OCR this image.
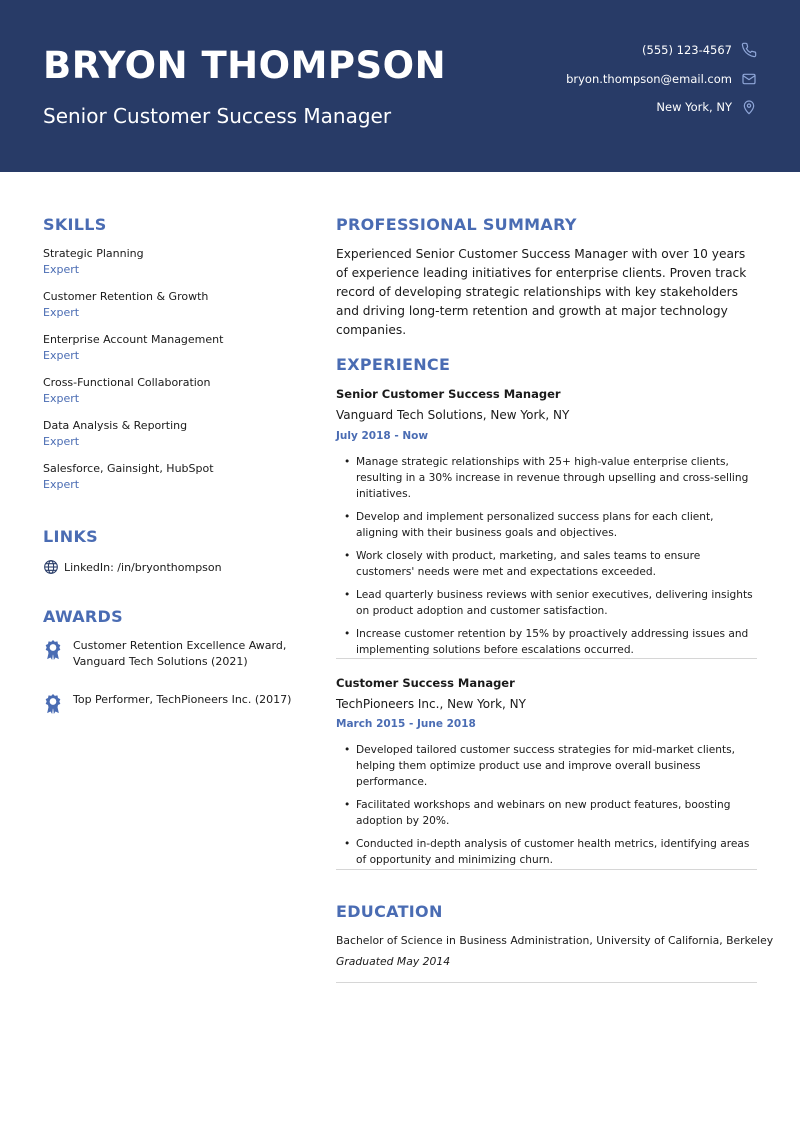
BRYON THOMPSON
Senior Customer Success Manager
(555) 123-4567
bryon.thompson@email.com
New York, NY
SKILLS
Strategic Planning
Expert
Customer Retention & Growth
Expert
Enterprise Account Management
Expert
Cross-Functional Collaboration
Expert
Data Analysis & Reporting
Expert
Salesforce, Gainsight, HubSpot
Expert
LINKS
LinkedIn: /in/bryonthompson
AWARDS
Customer Retention Excellence Award, Vanguard Tech Solutions (2021)
Top Performer, TechPioneers Inc. (2017)
PROFESSIONAL SUMMARY
Experienced Senior Customer Success Manager with over 10 years of experience leading initiatives for enterprise clients. Proven track record of developing strategic relationships with key stakeholders and driving long-term retention and growth at major technology companies.
EXPERIENCE
Senior Customer Success Manager
Vanguard Tech Solutions, New York, NY
July 2018 - Now
• Manage strategic relationships with 25+ high-value enterprise clients, resulting in a 30% increase in revenue through upselling and cross-selling initiatives.
• Develop and implement personalized success plans for each client, aligning with their business goals and objectives.
• Work closely with product, marketing, and sales teams to ensure customers' needs were met and expectations exceeded.
• Lead quarterly business reviews with senior executives, delivering insights on product adoption and customer satisfaction.
• Increase customer retention by 15% by proactively addressing issues and implementing solutions before escalations occurred.
Customer Success Manager
TechPioneers Inc., New York, NY
March 2015 - June 2018
• Developed tailored customer success strategies for mid-market clients, helping them optimize product use and improve overall business performance.
• Facilitated workshops and webinars on new product features, boosting adoption by 20%.
• Conducted in-depth analysis of customer health metrics, identifying areas of opportunity and minimizing churn.
EDUCATION
Bachelor of Science in Business Administration, University of California, Berkeley
Graduated May 2014
